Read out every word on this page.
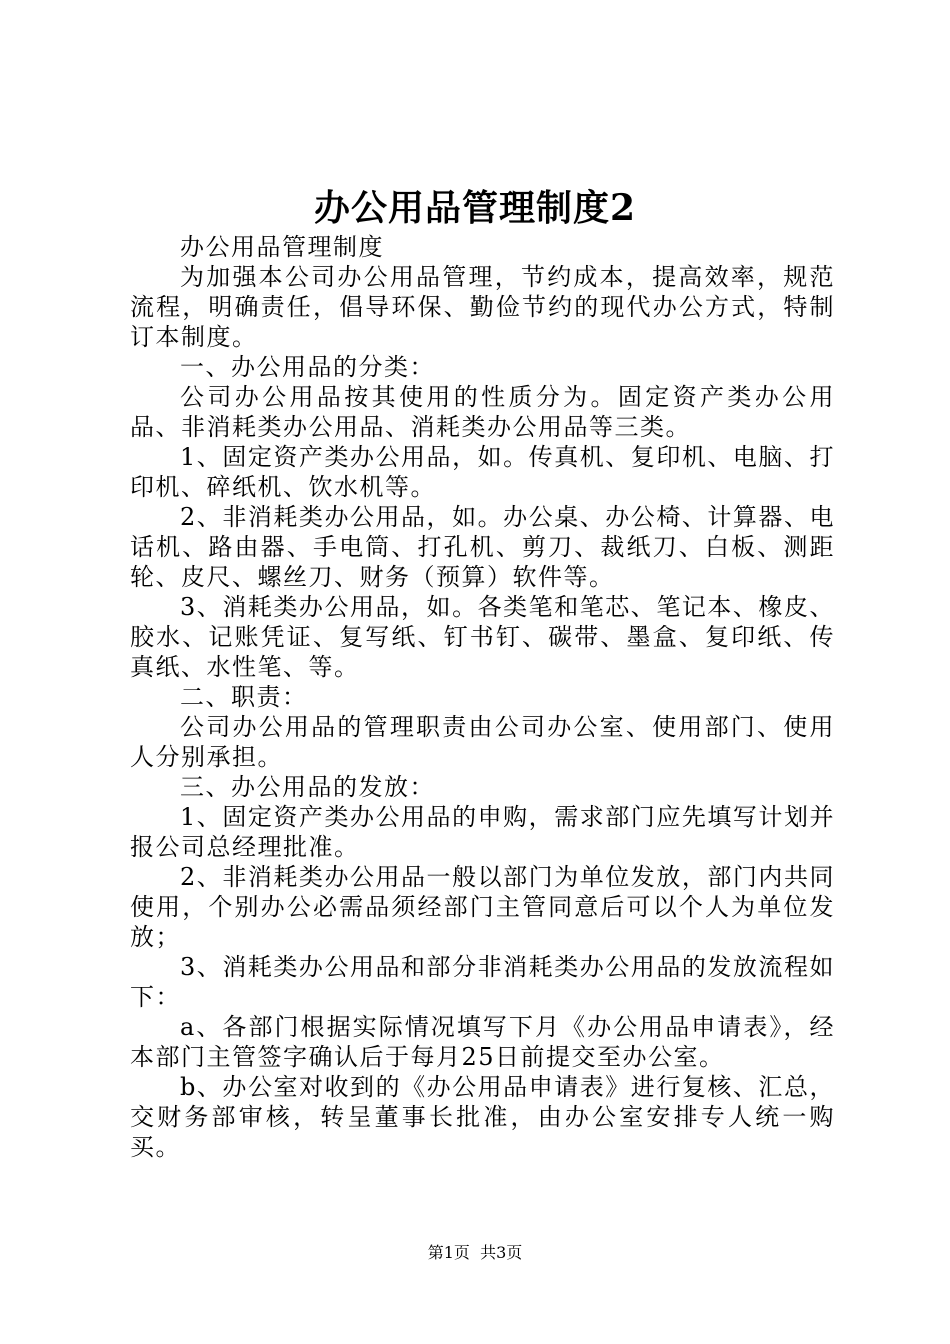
办公用品管理制度2

办公用品管理制度

为加强本公司办公用品管理，节约成本，提高效率，规范流程，明确责任，倡导环保、勤俭节约的现代办公方式，特制订本制度。

一、办公用品的分类：

公司办公用品按其使用的性质分为。固定资产类办公用品、非消耗类办公用品、消耗类办公用品等三类。

1、固定资产类办公用品，如。传真机、复印机、电脑、打印机、碎纸机、饮水机等。

2、非消耗类办公用品，如。办公桌、办公椅、计算器、电话机、路由器、手电筒、打孔机、剪刀、裁纸刀、白板、测距轮、皮尺、螺丝刀、财务（预算）软件等。

3、消耗类办公用品，如。各类笔和笔芯、笔记本、橡皮、胶水、记账凭证、复写纸、钉书钉、碳带、墨盒、复印纸、传真纸、水性笔、等。

二、职责：

公司办公用品的管理职责由公司办公室、使用部门、使用人分别承担。

三、办公用品的发放：

1、固定资产类办公用品的申购，需求部门应先填写计划并报公司总经理批准。

2、非消耗类办公用品一般以部门为单位发放，部门内共同使用，个别办公必需品须经部门主管同意后可以个人为单位发放；

3、消耗类办公用品和部分非消耗类办公用品的发放流程如下：

a、各部门根据实际情况填写下月《办公用品申请表》，经本部门主管签字确认后于每月25日前提交至办公室。

b、办公室对收到的《办公用品申请表》进行复核、汇总，交财务部审核，转呈董事长批准，由办公室安排专人统一购买。

第1页 共3页
